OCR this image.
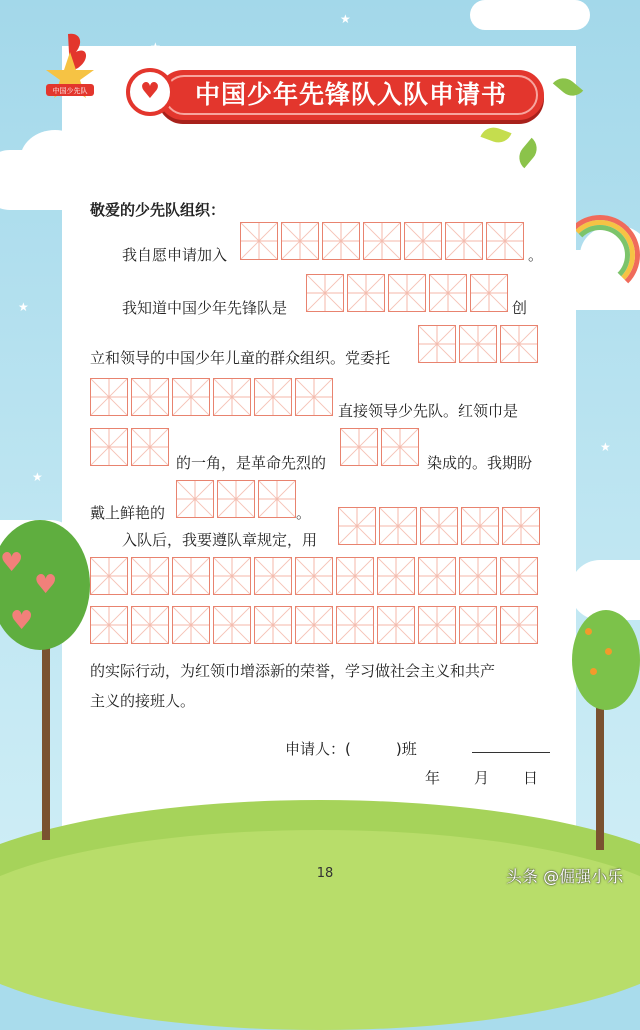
★
★
★
★
♥
♥
♥
中国少先队 ♥	中国少年先锋队入队申请书
敬爱的少先队组织：
我自愿申请加入	。
我知道中国少年先锋队是	创
立和领导的中国少年儿童的群众组织。党委托
直接领导少先队。红领巾是
的一角，是革命先烈的	染成的。我期盼
戴上鲜艳的	。
入队后，我要遵队章规定，用
的实际行动，为红领巾增添新的荣誉，学习做社会主义和共产
主义的接班人。
申请人：(　　　)班
年 月 日
18	头条 @倔强小乐
